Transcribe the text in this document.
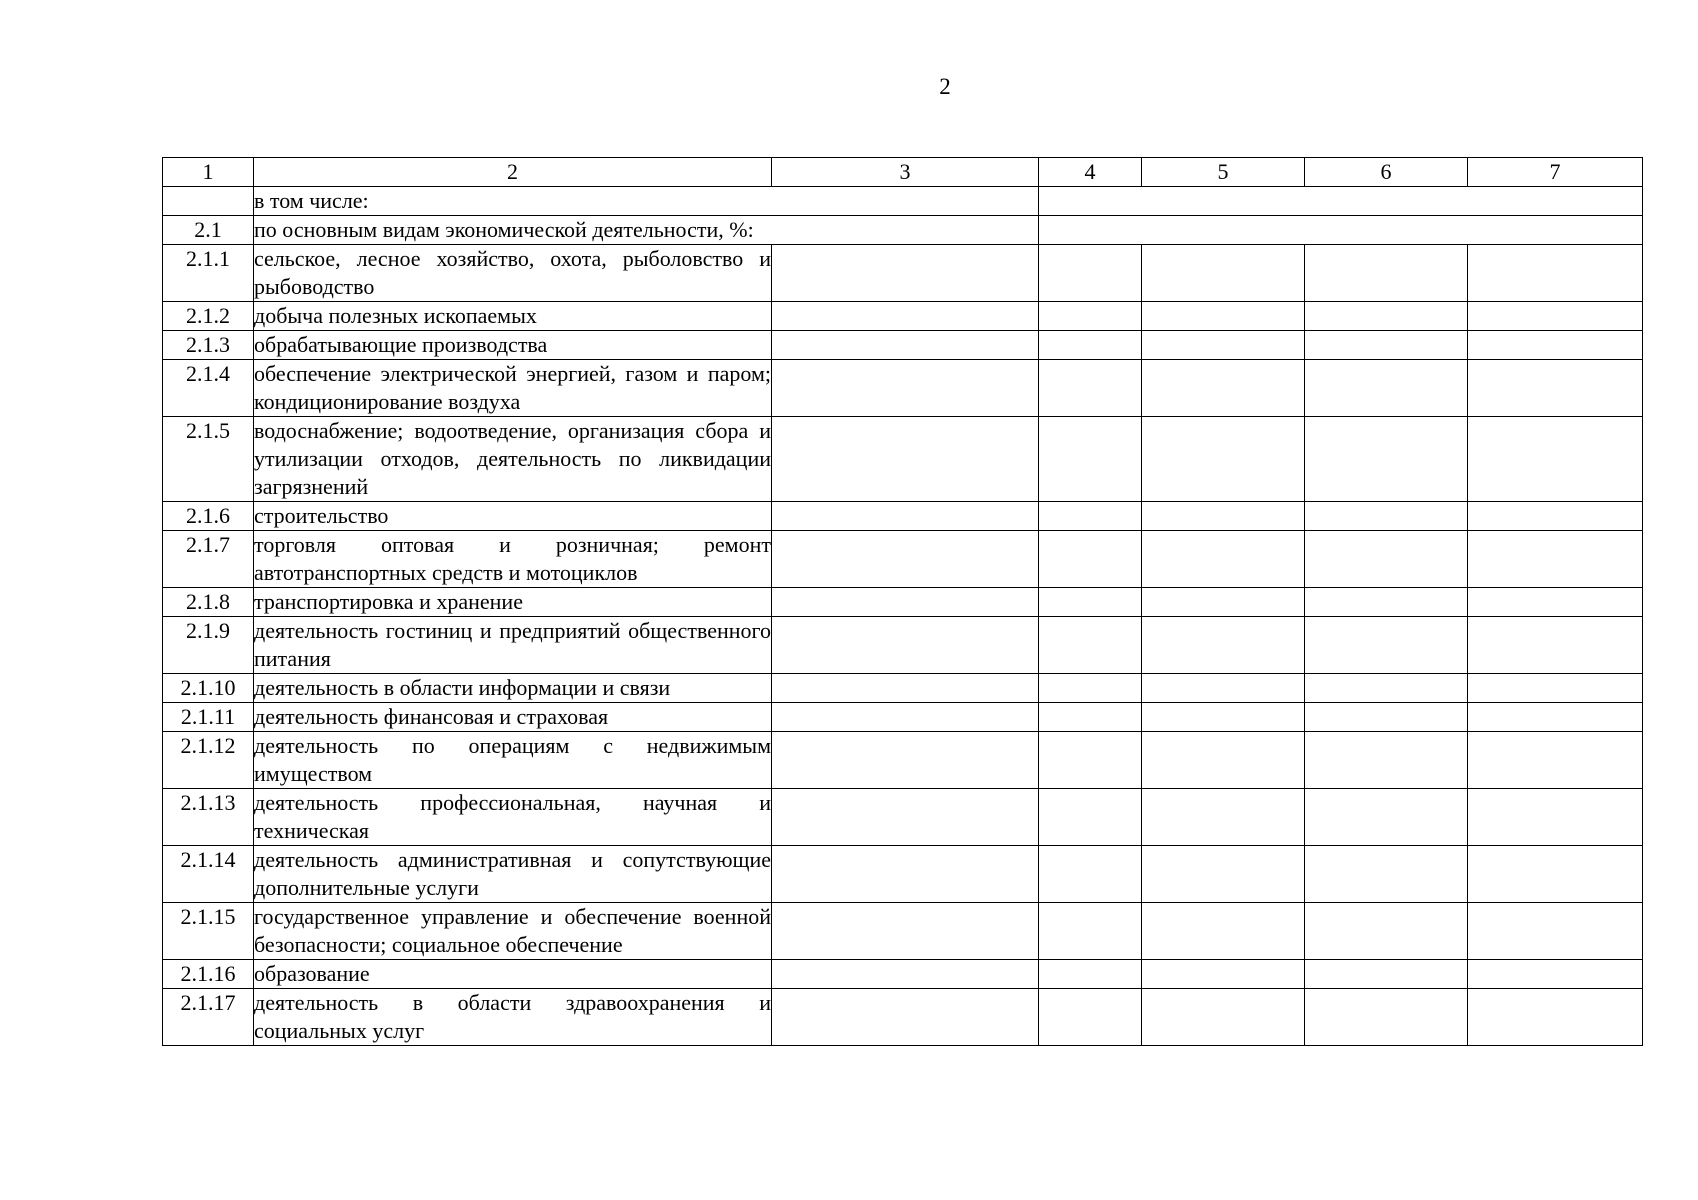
2
1	2	3	4	5	6	7
	в том числе:					
2.1	по основным видам экономической деятельности, %:					
2.1.1	сельское, лесное хозяйство, охота, рыболовство и рыбоводство					
2.1.2	добыча полезных ископаемых					
2.1.3	обрабатывающие производства					
2.1.4	обеспечение электрической энергией, газом и паром; кондиционирование воздуха					
2.1.5	водоснабжение; водоотведение, организация сбора и утилизации отходов, деятельность по ликвидации загрязнений					
2.1.6	строительство					
2.1.7	торговля оптовая и розничная; ремонт автотранспортных средств и мотоциклов					
2.1.8	транспортировка и хранение					
2.1.9	деятельность гостиниц и предприятий общественного питания					
2.1.10	деятельность в области информации и связи					
2.1.11	деятельность финансовая и страховая					
2.1.12	деятельность по операциям с недвижимым имуществом					
2.1.13	деятельность профессиональная, научная и техническая					
2.1.14	деятельность административная и сопутствующие дополнительные услуги					
2.1.15	государственное управление и обеспечение военной безопасности; социальное обеспечение					
2.1.16	образование					
2.1.17	деятельность в области здравоохранения и социальных услуг					
